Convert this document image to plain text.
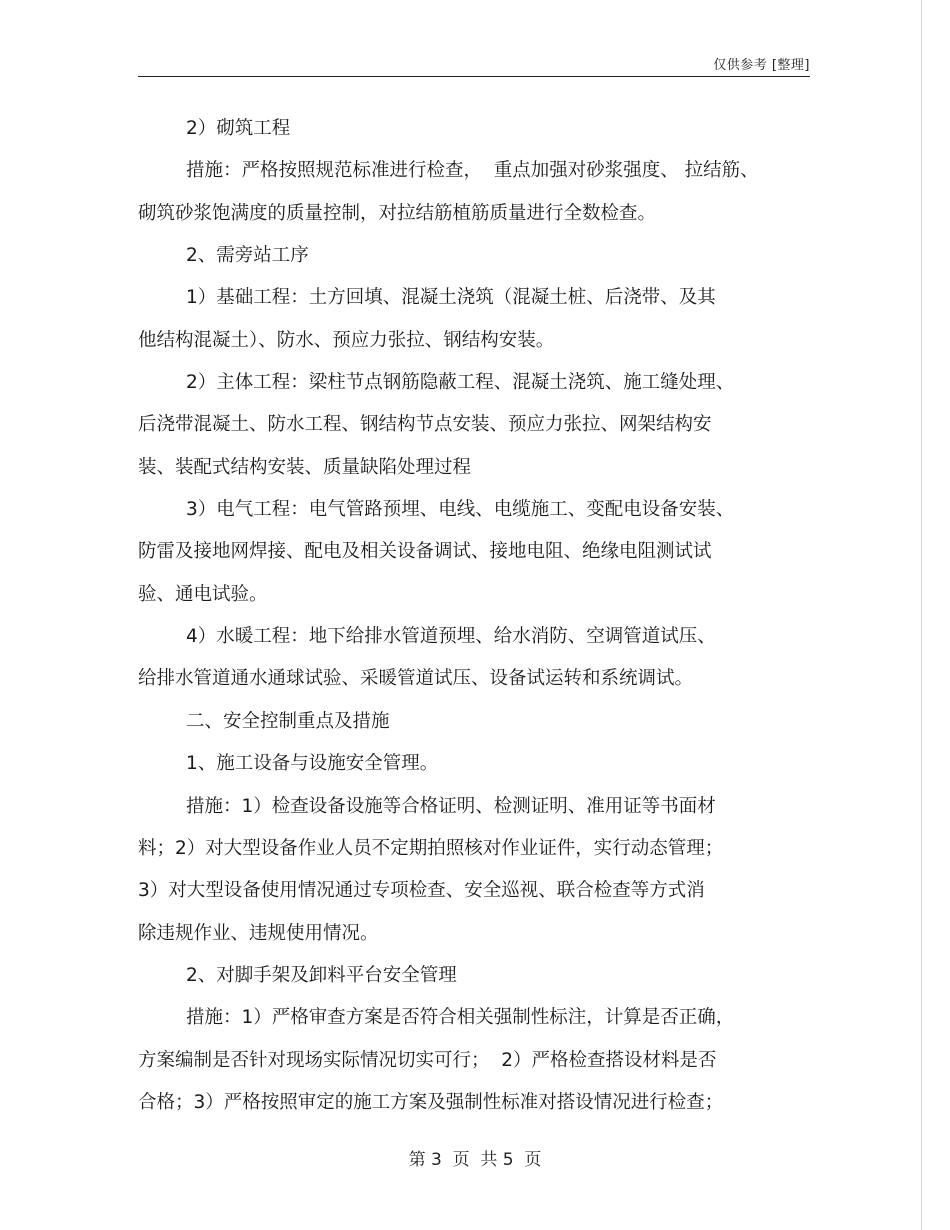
仅供参考 [整理]
2）砌筑工程
措施：严格按照规范标准进行检查，  重点加强对砂浆强度、 拉结筋、
砌筑砂浆饱满度的质量控制，对拉结筋植筋质量进行全数检查。
2、需旁站工序
1）基础工程：土方回填、混凝土浇筑（混凝土桩、后浇带、及其
他结构混凝土）、防水、预应力张拉、钢结构安装。
2）主体工程：梁柱节点钢筋隐蔽工程、混凝土浇筑、施工缝处理、
后浇带混凝土、防水工程、钢结构节点安装、预应力张拉、网架结构安
装、装配式结构安装、质量缺陷处理过程
3）电气工程：电气管路预埋、电线、电缆施工、变配电设备安装、
防雷及接地网焊接、配电及相关设备调试、接地电阻、绝缘电阻测试试
验、通电试验。
4）水暖工程：地下给排水管道预埋、给水消防、空调管道试压、
给排水管道通水通球试验、采暖管道试压、设备试运转和系统调试。
二、安全控制重点及措施
1、施工设备与设施安全管理。
措施：1）检查设备设施等合格证明、检测证明、准用证等书面材
料；2）对大型设备作业人员不定期拍照核对作业证件，实行动态管理；
3）对大型设备使用情况通过专项检查、安全巡视、联合检查等方式消
除违规作业、违规使用情况。
2、对脚手架及卸料平台安全管理
措施：1）严格审查方案是否符合相关强制性标注，计算是否正确，
方案编制是否针对现场实际情况切实可行；  2）严格检查搭设材料是否
合格；3）严格按照审定的施工方案及强制性标准对搭设情况进行检查；
第 3  页  共 5  页
